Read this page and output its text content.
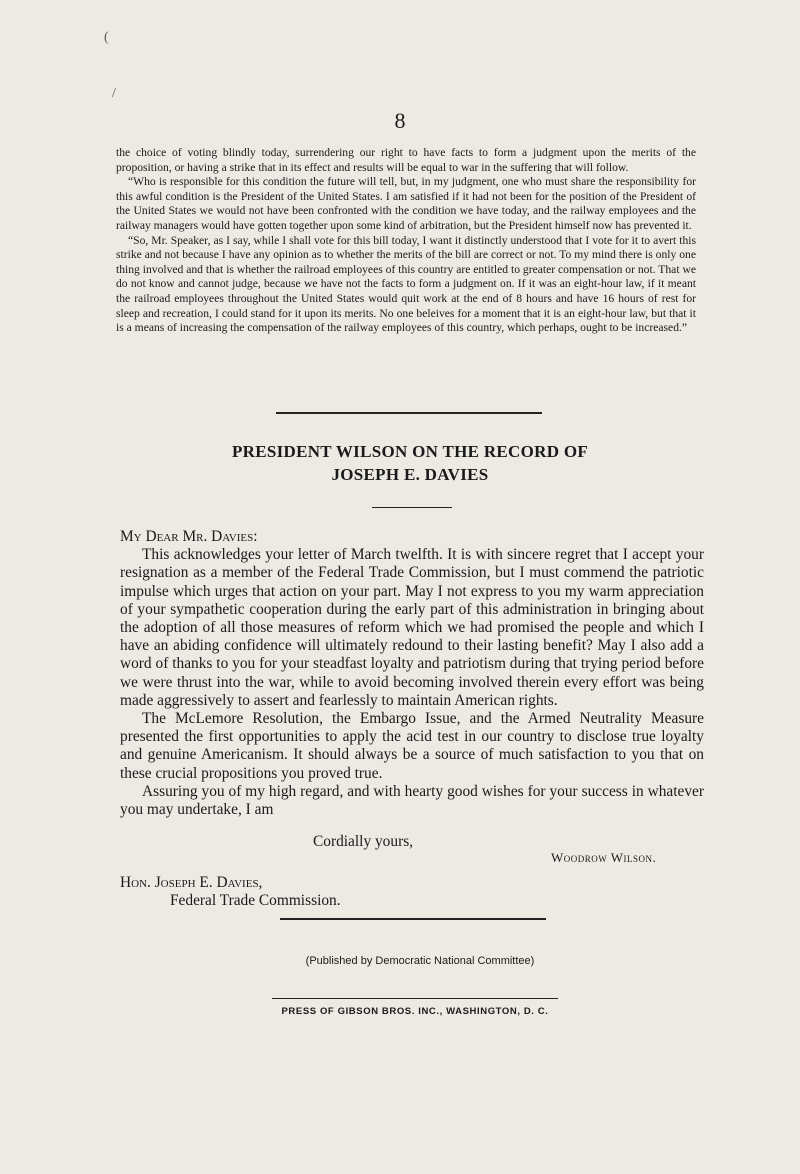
(
/
8

the choice of voting blindly today, surrendering our right to have facts to form a judgment upon the merits of the proposition, or having a strike that in its effect and results will be equal to war in the suffering that will follow.

“Who is responsible for this condition the future will tell, but, in my judgment, one who must share the responsibility for this awful condition is the President of the United States. I am satisfied if it had not been for the position of the President of the United States we would not have been confronted with the condition we have today, and the railway employees and the railway managers would have gotten together upon some kind of arbitration, but the President himself now has prevented it.

“So, Mr. Speaker, as I say, while I shall vote for this bill today, I want it distinctly understood that I vote for it to avert this strike and not because I have any opinion as to whether the merits of the bill are correct or not. To my mind there is only one thing involved and that is whether the railroad employees of this country are entitled to greater compensation or not. That we do not know and cannot judge, because we have not the facts to form a judgment on. If it was an eight-hour law, if it meant the railroad employees throughout the United States would quit work at the end of 8 hours and have 16 hours of rest for sleep and recreation, I could stand for it upon its merits. No one beleives for a moment that it is an eight-hour law, but that it is a means of increasing the compensation of the railway employees of this country, which perhaps, ought to be increased.”

PRESIDENT WILSON ON THE RECORD OF
JOSEPH E. DAVIES

My Dear Mr. Davies:

This acknowledges your letter of March twelfth. It is with sincere regret that I accept your resignation as a member of the Federal Trade Commission, but I must commend the patriotic impulse which urges that action on your part. May I not express to you my warm appreciation of your sympathetic cooperation during the early part of this administration in bringing about the adoption of all those measures of reform which we had promised the people and which I have an abiding confidence will ultimately redound to their lasting benefit? May I also add a word of thanks to you for your steadfast loyalty and patriotism during that trying period before we were thrust into the war, while to avoid becoming involved therein every effort was being made aggressively to assert and fearlessly to maintain American rights.

The McLemore Resolution, the Embargo Issue, and the Armed Neutrality Measure presented the first opportunities to apply the acid test in our country to disclose true loyalty and genuine Americanism. It should always be a source of much satisfaction to you that on these crucial propositions you proved true.

Assuring you of my high regard, and with hearty good wishes for your success in whatever you may undertake, I am

Cordially yours,
Woodrow Wilson.
Hon. Joseph E. Davies,
Federal Trade Commission.
(Published by Democratic National Committee)
PRESS OF GIBSON BROS. INC., WASHINGTON, D. C.
